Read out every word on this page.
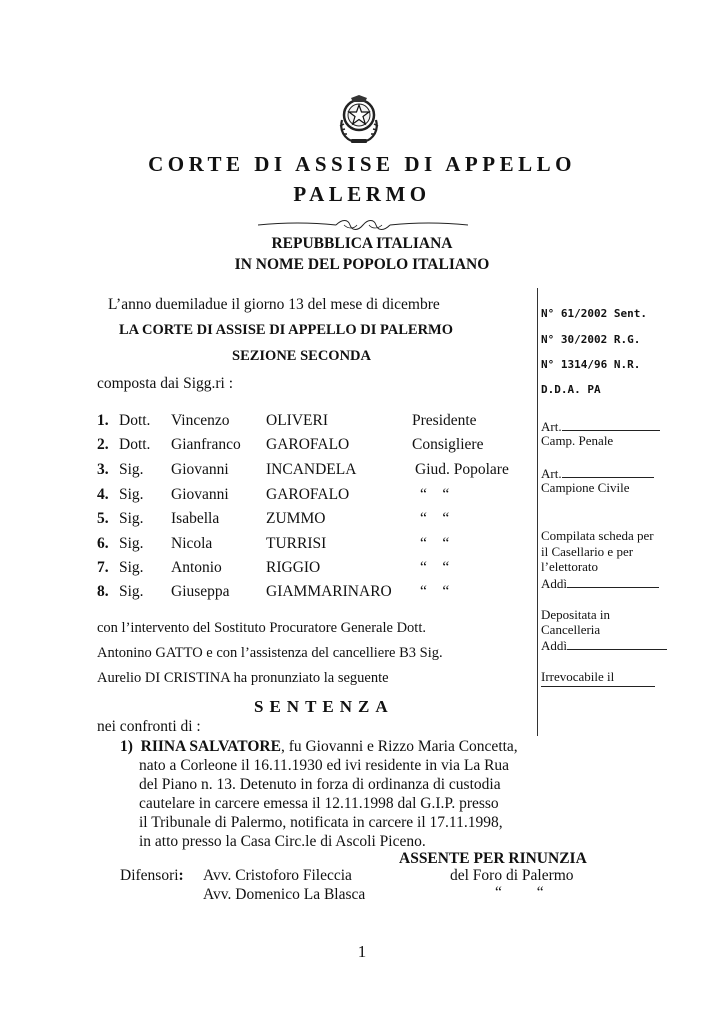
CORTE DI ASSISE DI APPELLO
PALERMO
REPUBBLICA ITALIANA
IN NOME DEL POPOLO ITALIANO
N° 61/2002 Sent.
N° 30/2002 R.G.
N° 1314/96 N.R.
D.D.A. PA
Art.
Camp. Penale
Art.
Campione Civile
Compilata scheda per
il Casellario e per
l’elettorato
Addì
Depositata in
Cancelleria
Addì
Irrevocabile il
L’anno duemiladue il giorno 13 del mese di dicembre
LA CORTE DI ASSISE DI APPELLO DI PALERMO
SEZIONE SECONDA
composta dai Sigg.ri :
1. Dott. Vincenzo OLIVERI	Presidente
2. Dott. Gianfranco GAROFALO	Consigliere
3. Sig. Giovanni INCANDELA	Giud. Popolare
4. Sig. Giovanni GAROFALO	“    “
5. Sig. Isabella	ZUMMO	“    “
6. Sig. Nicola	TURRISI	“    “
7. Sig. Antonio	RIGGIO	“    “
8. Sig. Giuseppa GIAMMARINARO “    “
con l’intervento del Sostituto Procuratore Generale Dott.
Antonino GATTO e con l’assistenza del cancelliere B3 Sig.
Aurelio DI CRISTINA ha pronunziato la seguente
SENTENZA
nei confronti di :
1) RIINA SALVATORE, fu Giovanni e Rizzo Maria Concetta,
nato a Corleone il 16.11.1930 ed ivi residente in via La Rua
del Piano n. 13. Detenuto in forza di ordinanza di custodia
cautelare in carcere emessa il 12.11.1998 dal G.I.P. presso
il Tribunale di Palermo, notificata in carcere il 17.11.1998,
in atto presso la Casa Circ.le di Ascoli Piceno.
ASSENTE PER RINUNZIA
Difensori: Avv. Cristoforo Fileccia	del Foro di Palermo
Avv. Domenico La Blasca	“         “
1
